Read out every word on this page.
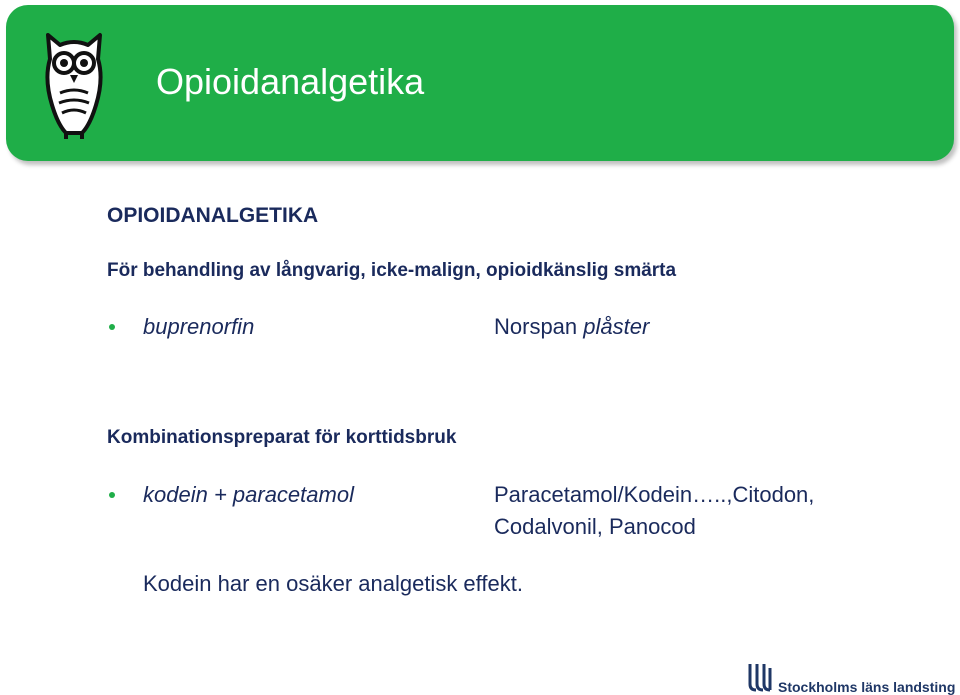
Opioidanalgetika
OPIOIDANALGETIKA
För behandling av långvarig, icke-malign, opioidkänslig smärta
buprenorfin	Norspan plåster
Kombinationspreparat för korttidsbruk
kodein + paracetamol	Paracetamol/Kodein…..,Citodon,
Codalvonil, Panocod
Kodein har en osäker analgetisk effekt.
Stockholms läns landsting
